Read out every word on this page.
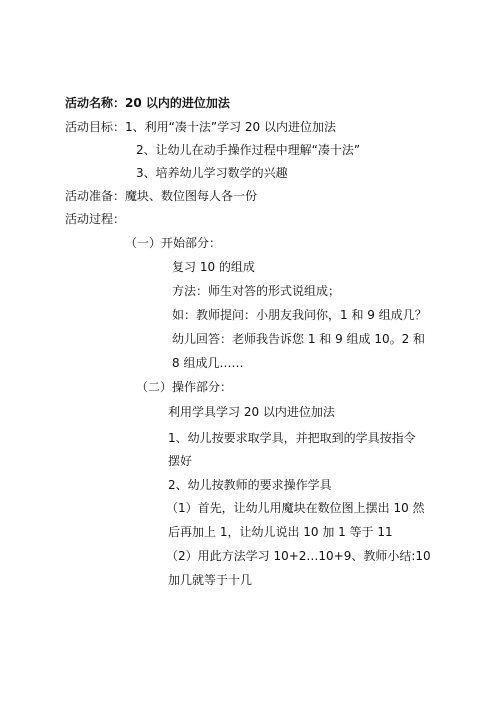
活动名称：20 以内的进位加法
活动目标： 1、利用“凑十法”学习 20 以内进位加法
2、让幼儿在动手操作过程中理解“凑十法”
3、培养幼儿学习数学的兴趣
活动准备：魔块、数位图每人各一份
活动过程：
（一）开始部分：
复习 10 的组成
方法：师生对答的形式说组成；
如：教师提问：小朋友我问你，1 和 9 组成几？
幼儿回答：老师我告诉您 1 和 9 组成 10。2 和
8 组成几……
（二）操作部分：
利用学具学习 20 以内进位加法
1、幼儿按要求取学具，并把取到的学具按指令
摆好
2、幼儿按教师的要求操作学具
（1）首先，让幼儿用魔块在数位图上摆出 10 然
后再加上 1，让幼儿说出 10 加 1 等于 11
（2）用此方法学习 10+2…10+9、教师小结:10
加几就等于十几
